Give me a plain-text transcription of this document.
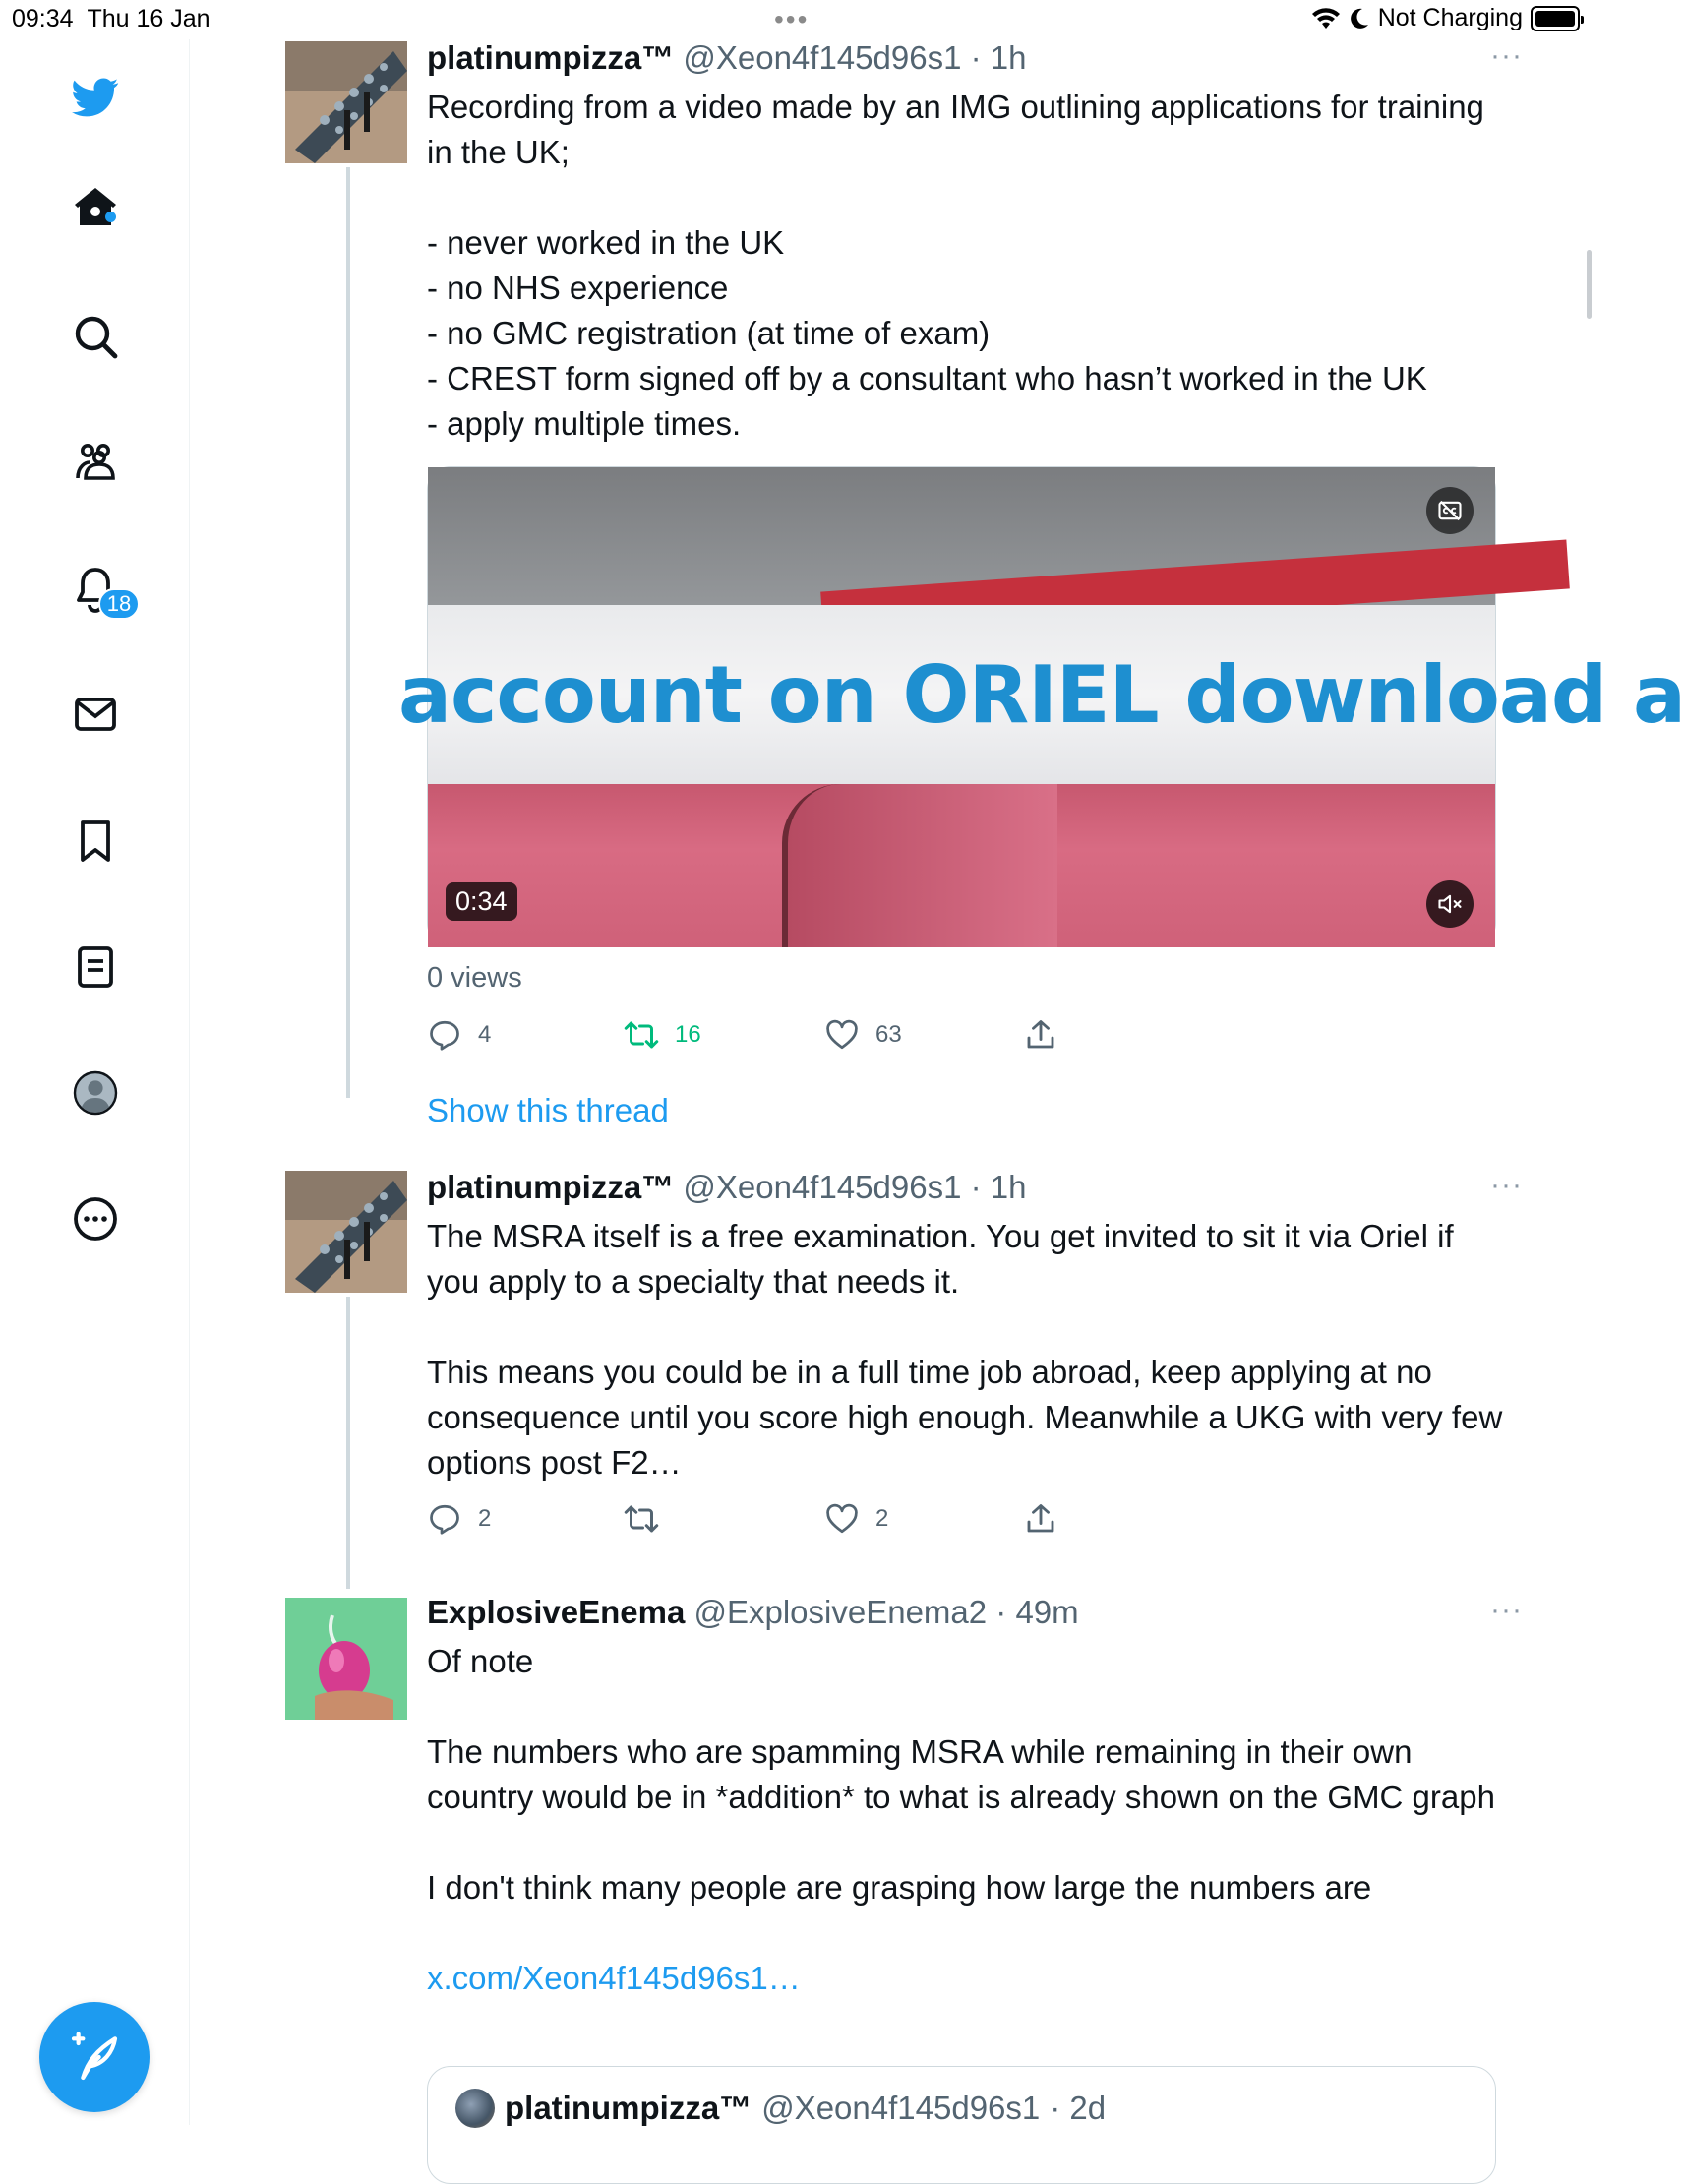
09:34 Thu 16 Jan	•••	Not Charging
18
platinumpizza™ @Xeon4f145d96s1 · 1h	···

Recording from a video made by an IMG outlining applications for training in the UK;

- never worked in the UK

- no NHS experience

- no GMC registration (at time of exam)

- CREST form signed off by a consultant who hasn’t worked in the UK

- apply multiple times.

account on ORIEL download a
0:34
0 views
4	16	63
Show this thread
platinumpizza™ @Xeon4f145d96s1 · 1h	···

The MSRA itself is a free examination. You get invited to sit it via Oriel if you apply to a specialty that needs it.

This means you could be in a full time job abroad, keep applying at no consequence until you score high enough. Meanwhile a UKG with very few options post F2…

2	2
ExplosiveEnema @ExplosiveEnema2 · 49m	···

Of note

The numbers who are spamming MSRA while remaining in their own country would be in *addition* to what is already shown on the GMC graph

I don't think many people are grasping how large the numbers are

x.com/Xeon4f145d96s1…

platinumpizza™ @Xeon4f145d96s1 · 2d
